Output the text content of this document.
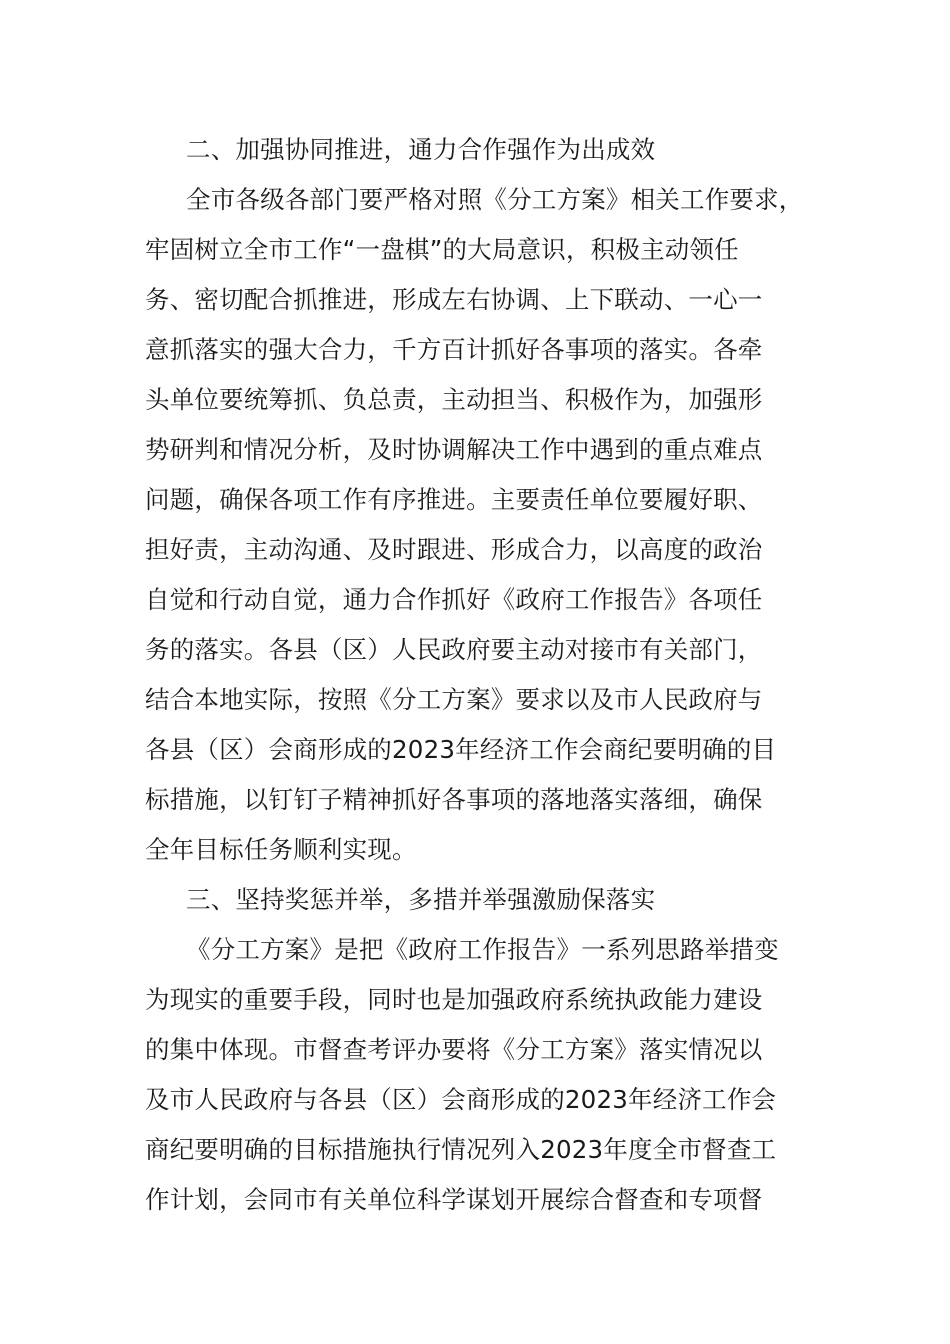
二、加强协同推进，通力合作强作为出成效
全市各级各部门要严格对照《分工方案》相关工作要求，
牢固树立全市工作“一盘棋”的大局意识，积极主动领任
务、密切配合抓推进，形成左右协调、上下联动、一心一
意抓落实的强大合力，千方百计抓好各事项的落实。各牵
头单位要统筹抓、负总责，主动担当、积极作为，加强形
势研判和情况分析，及时协调解决工作中遇到的重点难点
问题，确保各项工作有序推进。主要责任单位要履好职、
担好责，主动沟通、及时跟进、形成合力，以高度的政治
自觉和行动自觉，通力合作抓好《政府工作报告》各项任
务的落实。各县（区）人民政府要主动对接市有关部门，
结合本地实际，按照《分工方案》要求以及市人民政府与
各县（区）会商形成的2023年经济工作会商纪要明确的目
标措施，以钉钉子精神抓好各事项的落地落实落细，确保
全年目标任务顺利实现。
三、坚持奖惩并举，多措并举强激励保落实
《分工方案》是把《政府工作报告》一系列思路举措变
为现实的重要手段，同时也是加强政府系统执政能力建设
的集中体现。市督查考评办要将《分工方案》落实情况以
及市人民政府与各县（区）会商形成的2023年经济工作会
商纪要明确的目标措施执行情况列入2023年度全市督查工
作计划，会同市有关单位科学谋划开展综合督查和专项督
